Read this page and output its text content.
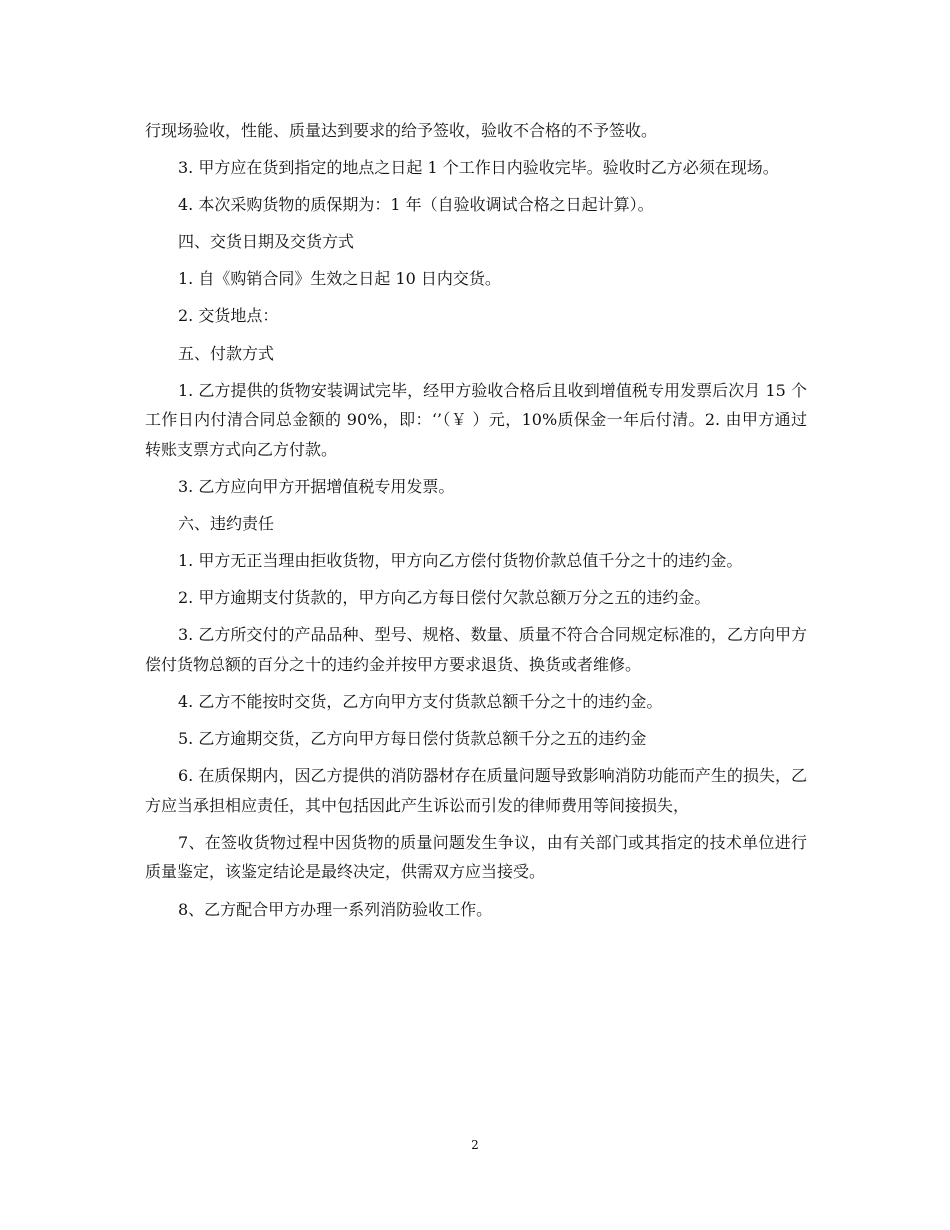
行现场验收，性能、质量达到要求的给予签收，验收不合格的不予签收。

3. 甲方应在货到指定的地点之日起 1 个工作日内验收完毕。验收时乙方必须在现场。

4. 本次采购货物的质保期为：1 年（自验收调试合格之日起计算）。

四、交货日期及交货方式

1. 自《购销合同》生效之日起 10 日内交货。

2. 交货地点：

五、付款方式

1. 乙方提供的货物安装调试完毕，经甲方验收合格后且收到增值税专用发票后次月 15 个工作日内付清合同总金额的 90%，即：‘’（￥ ）元，10%质保金一年后付清。2. 由甲方通过转账支票方式向乙方付款。

3. 乙方应向甲方开据增值税专用发票。

六、违约责任

1. 甲方无正当理由拒收货物，甲方向乙方偿付货物价款总值千分之十的违约金。

2. 甲方逾期支付货款的，甲方向乙方每日偿付欠款总额万分之五的违约金。

3. 乙方所交付的产品品种、型号、规格、数量、质量不符合合同规定标准的，乙方向甲方偿付货物总额的百分之十的违约金并按甲方要求退货、换货或者维修。

4. 乙方不能按时交货，乙方向甲方支付货款总额千分之十的违约金。

5. 乙方逾期交货，乙方向甲方每日偿付货款总额千分之五的违约金

6. 在质保期内，因乙方提供的消防器材存在质量问题导致影响消防功能而产生的损失，乙方应当承担相应责任，其中包括因此产生诉讼而引发的律师费用等间接损失，

7、在签收货物过程中因货物的质量问题发生争议，由有关部门或其指定的技术单位进行质量鉴定，该鉴定结论是最终决定，供需双方应当接受。

8、乙方配合甲方办理一系列消防验收工作。

2
